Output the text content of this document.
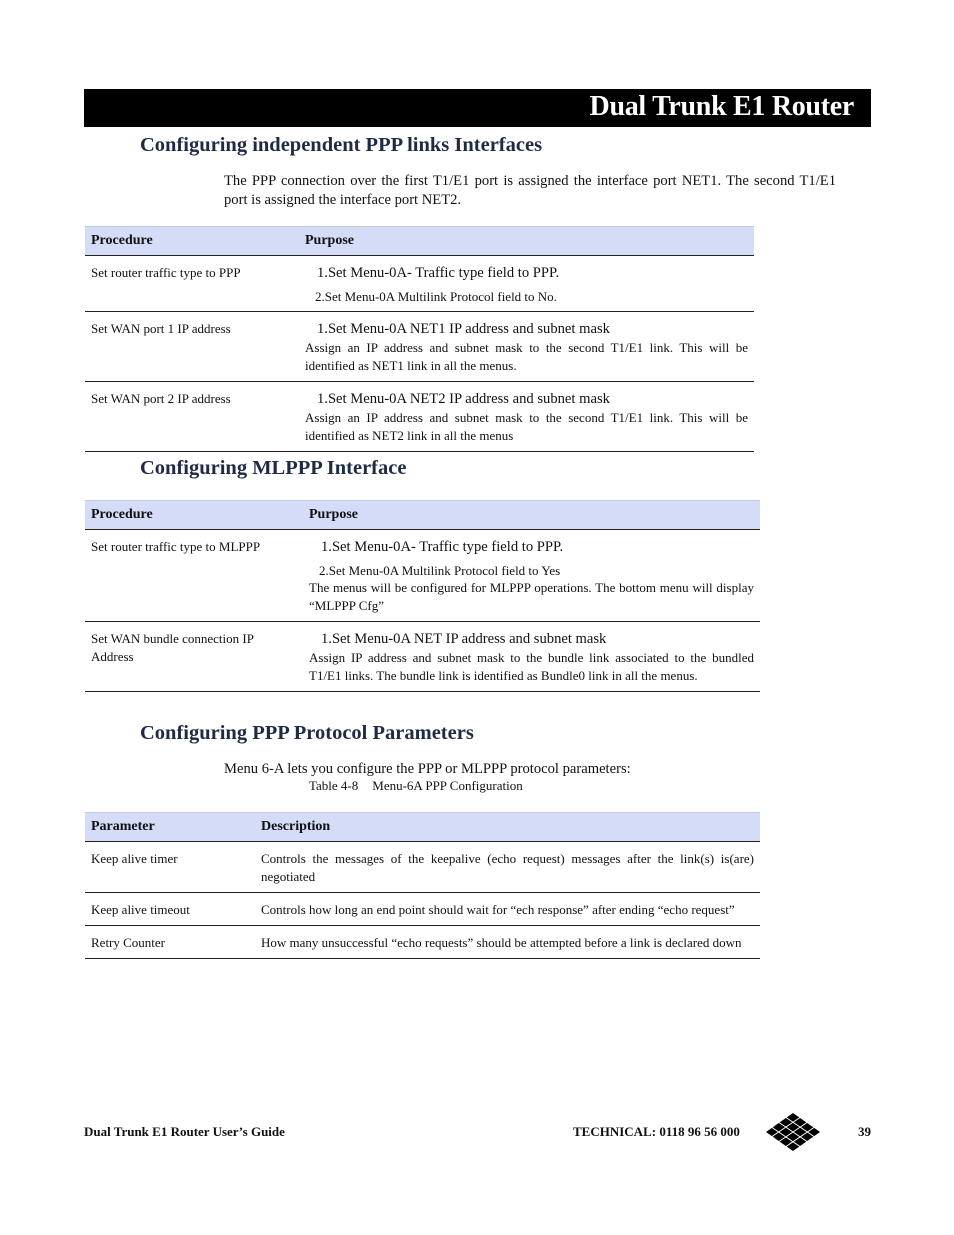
Dual Trunk E1 Router
Configuring independent PPP links Interfaces

The PPP connection over the first T1/E1 port is assigned the interface port NET1. The second T1/E1 port is assigned the interface port NET2.

Procedure	Purpose
Set router traffic type to PPP	1.Set Menu-0A- Traffic type field to PPP.
2.Set Menu-0A Multilink Protocol field to No.

Set WAN port 1 IP address	1.Set Menu-0A NET1 IP address and subnet mask
Assign an IP address and subnet mask to the second T1/E1 link. This will be identified as NET1 link in all the menus.

Set WAN port 2 IP address	1.Set Menu-0A NET2 IP address and subnet mask
Assign an IP address and subnet mask to the second T1/E1 link. This will be identified as NET2 link in all the menus
Configuring MLPPP Interface
Procedure	Purpose
Set router traffic type to MLPPP	1.Set Menu-0A- Traffic type field to PPP.
2.Set Menu-0A Multilink Protocol field to Yes
The menus will be configured for MLPPP operations. The bottom menu will display “MLPPP Cfg”

Set WAN bundle connection IP Address	1.Set Menu-0A NET IP address and subnet mask
Assign IP address and subnet mask to the bundle link associated to the bundled T1/E1 links. The bundle link is identified as Bundle0 link in all the menus.
Configuring PPP Protocol Parameters

Menu 6-A lets you configure the PPP or MLPPP protocol parameters:

Table 4-8 Menu-6A PPP Configuration
Parameter	Description
Keep alive timer	Controls the messages of the keepalive (echo request) messages after the link(s) is(are) negotiated
Keep alive timeout	Controls how long an end point should wait for “ech response” after ending “echo request”
Retry Counter	How many unsuccessful “echo requests” should be attempted before a link is declared down
Dual Trunk E1 Router User’s Guide	TECHNICAL: 0118 96 56 000	39
